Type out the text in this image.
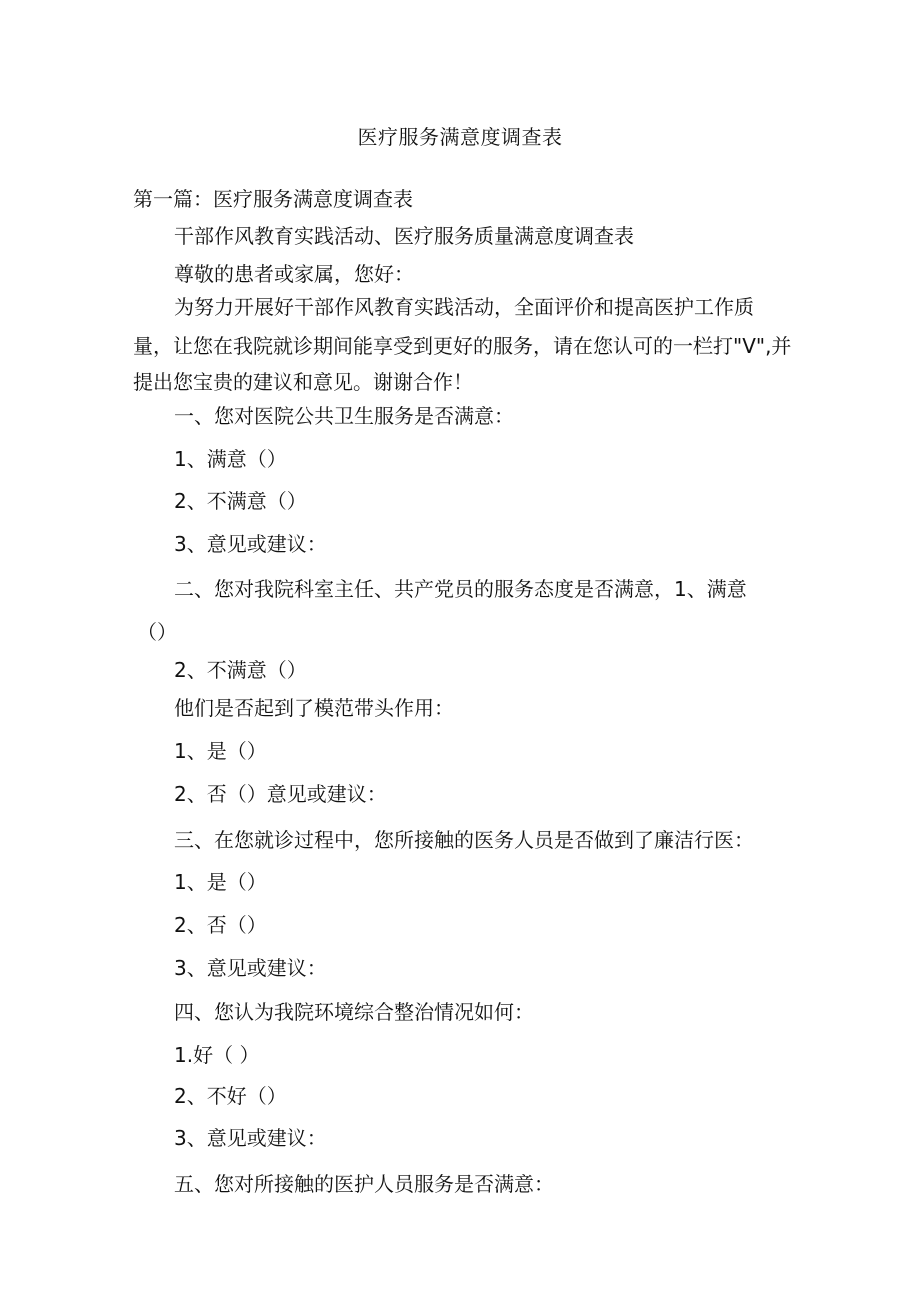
医疗服务满意度调查表
第一篇：医疗服务满意度调查表
干部作风教育实践活动、医疗服务质量满意度调查表
尊敬的患者或家属，您好：
为努力开展好干部作风教育实践活动，全面评价和提高医护工作质
量，让您在我院就诊期间能享受到更好的服务，请在您认可的一栏打"V",并
提出您宝贵的建议和意见。谢谢合作！
一、您对医院公共卫生服务是否满意：
1、满意（）
2、不满意（）
3、意见或建议：
二、您对我院科室主任、共产党员的服务态度是否满意，1、满意
（）
2、不满意（）
他们是否起到了模范带头作用：
1、是（）
2、否（）意见或建议：
三、在您就诊过程中，您所接触的医务人员是否做到了廉洁行医：
1、是（）
2、否（）
3、意见或建议：
四、您认为我院环境综合整治情况如何：
1.好（ ）
2、不好（）
3、意见或建议：
五、您对所接触的医护人员服务是否满意：
